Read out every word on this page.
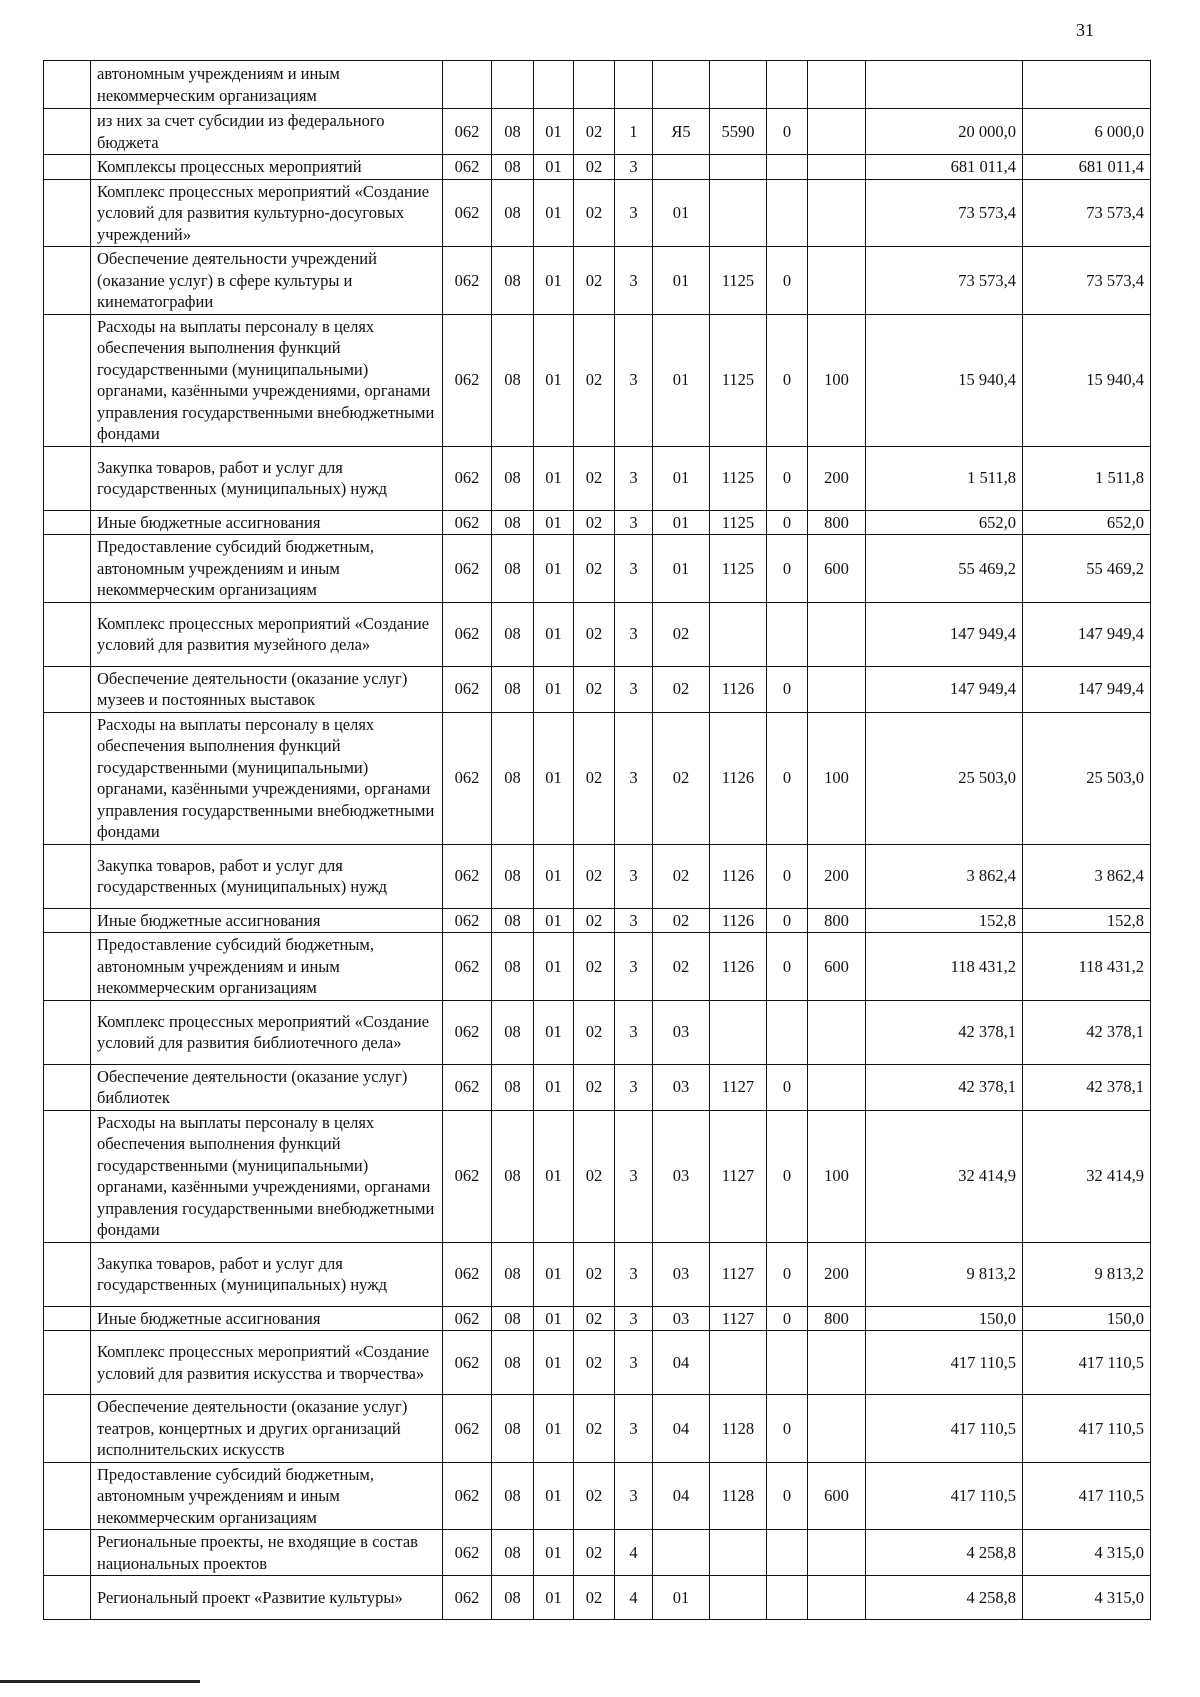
31
	автономным учреждениям и иным некоммерческим организациям											
	из них за счет субсидии из федерального бюджета	062	08	01	02	1	Я5	5590	0		20 000,0	6 000,0
	Комплексы процессных мероприятий	062	08	01	02	3					681 011,4	681 011,4
	Комплекс процессных мероприятий «Создание условий для развития культурно-досуговых учреждений»	062	08	01	02	3	01				73 573,4	73 573,4
	Обеспечение деятельности учреждений (оказание услуг) в сфере культуры и кинематографии	062	08	01	02	3	01	1125	0		73 573,4	73 573,4
	Расходы на выплаты персоналу в целях обеспечения выполнения функций государственными (муниципальными) органами, казёнными учреждениями, органами управления государственными внебюджетными фондами	062	08	01	02	3	01	1125	0	100	15 940,4	15 940,4
	Закупка товаров, работ и услуг для государственных (муниципальных) нужд	062	08	01	02	3	01	1125	0	200	1 511,8	1 511,8
	Иные бюджетные ассигнования	062	08	01	02	3	01	1125	0	800	652,0	652,0
	Предоставление субсидий бюджетным, автономным учреждениям и иным некоммерческим организациям	062	08	01	02	3	01	1125	0	600	55 469,2	55 469,2
	Комплекс процессных мероприятий «Создание условий для развития музейного дела»	062	08	01	02	3	02				147 949,4	147 949,4
	Обеспечение деятельности (оказание услуг) музеев и постоянных выставок	062	08	01	02	3	02	1126	0		147 949,4	147 949,4
	Расходы на выплаты персоналу в целях обеспечения выполнения функций государственными (муниципальными) органами, казёнными учреждениями, органами управления государственными внебюджетными фондами	062	08	01	02	3	02	1126	0	100	25 503,0	25 503,0
	Закупка товаров, работ и услуг для государственных (муниципальных) нужд	062	08	01	02	3	02	1126	0	200	3 862,4	3 862,4
	Иные бюджетные ассигнования	062	08	01	02	3	02	1126	0	800	152,8	152,8
	Предоставление субсидий бюджетным, автономным учреждениям и иным некоммерческим организациям	062	08	01	02	3	02	1126	0	600	118 431,2	118 431,2
	Комплекс процессных мероприятий «Создание условий для развития библиотечного дела»	062	08	01	02	3	03				42 378,1	42 378,1
	Обеспечение деятельности (оказание услуг) библиотек	062	08	01	02	3	03	1127	0		42 378,1	42 378,1
	Расходы на выплаты персоналу в целях обеспечения выполнения функций государственными (муниципальными) органами, казёнными учреждениями, органами управления государственными внебюджетными фондами	062	08	01	02	3	03	1127	0	100	32 414,9	32 414,9
	Закупка товаров, работ и услуг для государственных (муниципальных) нужд	062	08	01	02	3	03	1127	0	200	9 813,2	9 813,2
	Иные бюджетные ассигнования	062	08	01	02	3	03	1127	0	800	150,0	150,0
	Комплекс процессных мероприятий «Создание условий для развития искусства и творчества»	062	08	01	02	3	04				417 110,5	417 110,5
	Обеспечение деятельности (оказание услуг) театров, концертных и других организаций исполнительских искусств	062	08	01	02	3	04	1128	0		417 110,5	417 110,5
	Предоставление субсидий бюджетным, автономным учреждениям и иным некоммерческим организациям	062	08	01	02	3	04	1128	0	600	417 110,5	417 110,5
	Региональные проекты, не входящие в состав национальных проектов	062	08	01	02	4					4 258,8	4 315,0
	Региональный проект «Развитие культуры»	062	08	01	02	4	01				4 258,8	4 315,0
